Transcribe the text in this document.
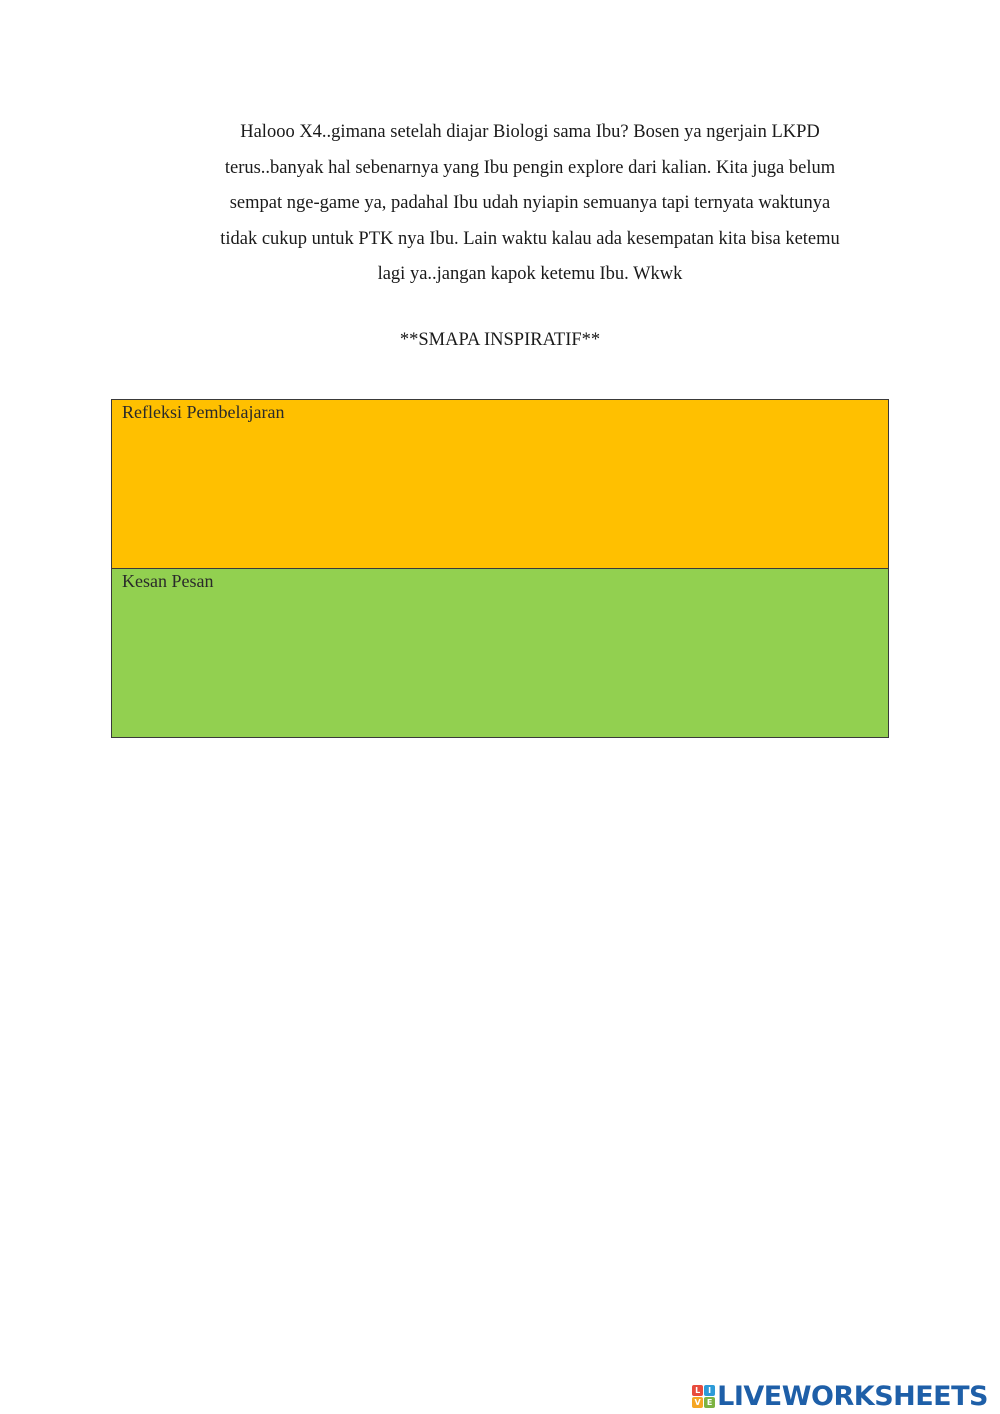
Halooo X4..gimana setelah diajar Biologi sama Ibu? Bosen ya ngerjain LKPD
terus..banyak hal sebenarnya yang Ibu pengin explore dari kalian. Kita juga belum
sempat nge-game ya, padahal Ibu udah nyiapin semuanya tapi ternyata waktunya
tidak cukup untuk PTK nya Ibu. Lain waktu kalau ada kesempatan kita bisa ketemu
lagi ya..jangan kapok ketemu Ibu. Wkwk
**SMAPA INSPIRATIF**
Refleksi Pembelajaran
Kesan Pesan
L I
V E LIVEWORKSHEETS
